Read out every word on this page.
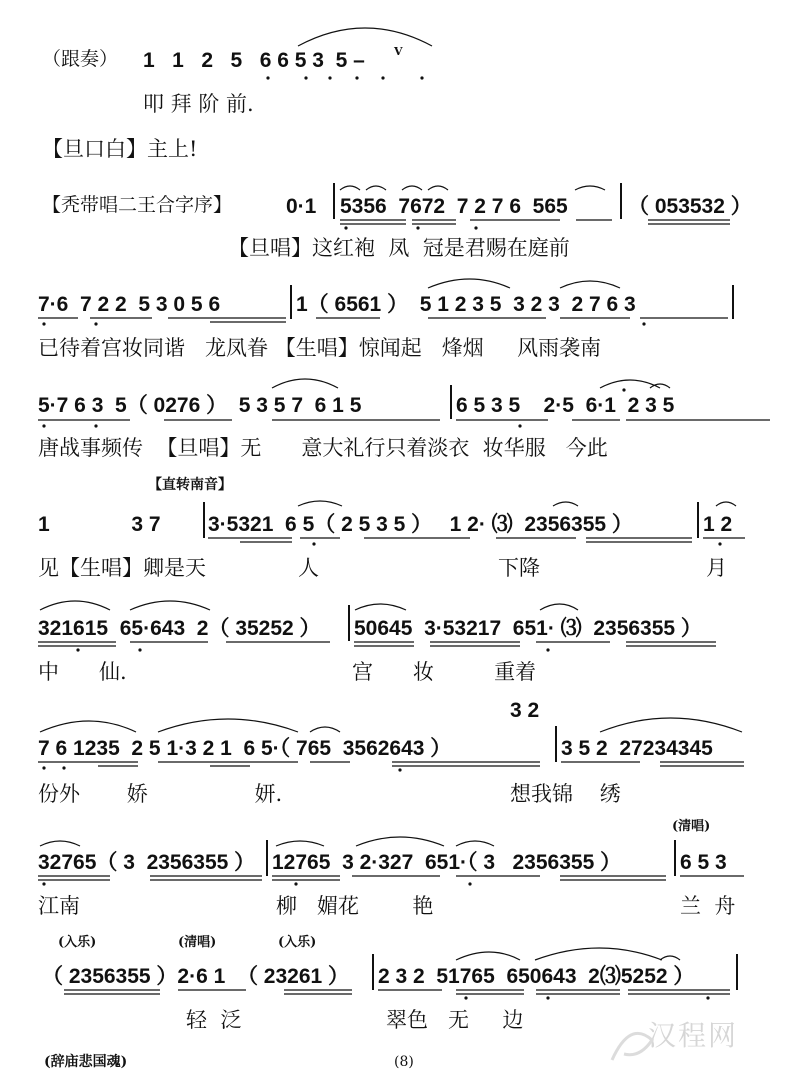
（跟奏） 1   1   2   5   6 6 5 3  5 –	V
叩 拜 阶 前.
【旦口白】主上!
【秃带唱二王合字序】	0·1 5356  7672  7 2 7 6  565	（ 053532 ）
【旦唱】这红袍  凤  冠是君赐在庭前
7·6  7 2 2  5 3 0 5 6	1（ 6561 ）  5 1 2 3 5  3 2 3  2 7 6 3
已待着宫妆同谐   龙凤眷 【生唱】惊闻起   烽烟     风雨袭南
5·7 6 3  5（ 0276 ）  5 3 5 7  6 1 5	6 5 3 5    2·5  6·1  2 3 5
唐战事频传  【旦唱】无      意大礼行只着淡衣  妆华服   今此
【直转南音】
1              3 7 3·5321  6 5（ 2 5 3 5 ）   1 2· ⑶  2356355 ）	1 2
见【生唱】卿是天	人	下降	月
321615  65·643  2（ 35252 ） 50645  3·53217  651· ⑶  2356355 ）
中      仙.	宫      妆         重着
3 2
7 6 1235  2 5 1·3 2 1  6 5·（ 765  3562643 ）	3 5 2  27234345
份外       娇                妍.	想我锦    绣
(清唱)
32765（ 3  2356355 ） 12765  3 2·327  651·（ 3   2356355 ）	6 5 3
江南	柳   媚花        艳	兰  舟
(入乐)	(清唱)	(入乐)
（ 2356355 ）2·6 1  （ 23261 ） 2 3 2  51765  650643  2⑶5252 ）
轻  泛	翠色   无     边
(辞庙悲国魂)	(8)
汉程网
